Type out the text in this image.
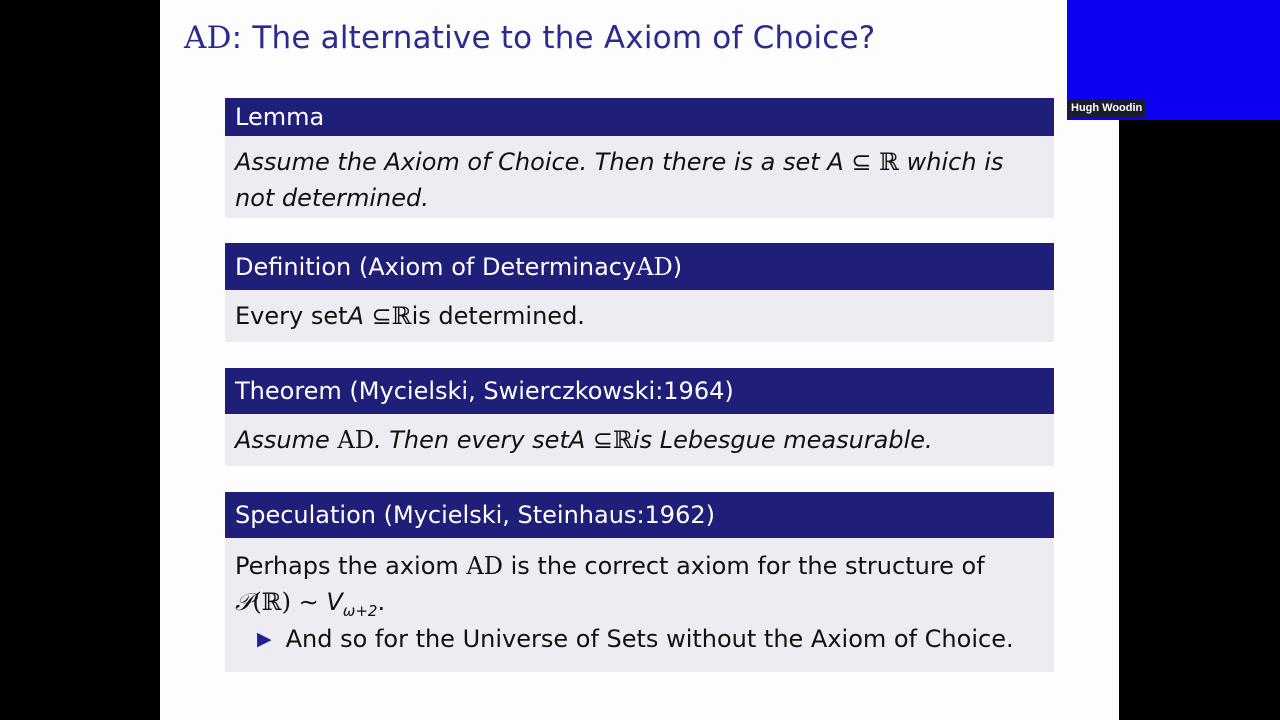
AD: The alternative to the Axiom of Choice?
Lemma
Assume the Axiom of Choice. Then there is a set A ⊆ ℝ which is
not determined.
Definition (Axiom of Determinacy AD )
Every set A ⊆ ℝ is determined.
Theorem (Mycielski, Swierczkowski:1964)
Assume
AD . Then every set A ⊆ ℝ is Lebesgue measurable.
Speculation (Mycielski, Steinhaus:1962)
Perhaps the axiom AD is the correct axiom for the structure of
𝒫(ℝ) ∼ $V_{\omega+2}$.
▶ And so for the Universe of Sets without the Axiom of Choice.
Hugh Woodin
